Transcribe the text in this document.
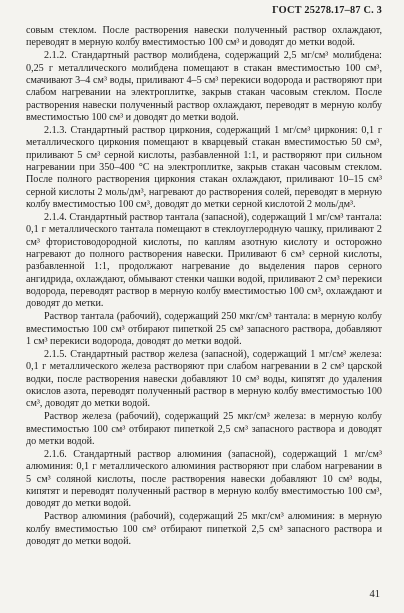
ГОСТ 25278.17–87 С. 3

совым стеклом. После растворения навески полученный раствор охлаждают, переводят в мерную колбу вместимостью 100 см³ и доводят до метки водой.

2.1.2. Стандартный раствор молибдена, содержащий 2,5 мг/см³ молибдена: 0,25 г металлического молибдена помещают в стакан вместимостью 100 см³, смачивают 3–4 см³ воды, приливают 4–5 см³ перекиси водорода и растворяют при слабом нагревании на электроплитке, закрыв стакан часовым стеклом. После растворения навески полученный раствор охлаждают, переводят в мерную колбу вместимостью 100 см³ и доводят до метки водой.

2.1.3. Стандартный раствор циркония, содержащий 1 мг/см³ циркония: 0,1 г металлического циркония помещают в кварцевый стакан вместимостью 50 см³, приливают 5 см³ серной кислоты, разбавленной 1:1, и растворяют при сильном нагревании при 350–400 °С на электроплитке, закрыв стакан часовым стеклом. После полного растворения циркония стакан охлаждают, приливают 10–15 см³ серной кислоты 2 моль/дм³, нагревают до растворения солей, переводят в мерную колбу вместимостью 100 см³, доводят до метки серной кислотой 2 моль/дм³.

2.1.4. Стандартный раствор тантала (запасной), содержащий 1 мг/см³ тантала: 0,1 г металлического тантала помещают в стеклоуглеродную чашку, приливают 2 см³ фтористоводородной кислоты, по каплям азотную кислоту и осторожно нагревают до полного растворения навески. Приливают 6 см³ серной кислоты, разбавленной 1:1, продолжают нагревание до выделения паров серного ангидрида, охлаждают, обмывают стенки чашки водой, приливают 2 см³ перекиси водорода, переводят раствор в мерную колбу вместимостью 100 см³, охлаждают и доводят до метки.

Раствор тантала (рабочий), содержащий 250 мкг/см³ тантала: в мерную колбу вместимостью 100 см³ отбирают пипеткой 25 см³ запасного раствора, добавляют 1 см³ перекиси водорода, доводят до метки водой.

2.1.5. Стандартный раствор железа (запасной), содержащий 1 мг/см³ железа: 0,1 г металлического железа растворяют при слабом нагревании в 2 см³ царской водки, после растворения навески добавляют 10 см³ воды, кипятят до удаления окислов азота, переводят полученный раствор в мерную колбу вместимостью 100 см³, доводят до метки водой.

Раствор железа (рабочий), содержащий 25 мкг/см³ железа: в мерную колбу вместимостью 100 см³ отбирают пипеткой 2,5 см³ запасного раствора и доводят до метки водой.

2.1.6. Стандартный раствор алюминия (запасной), содержащий 1 мг/см³ алюминия: 0,1 г металлического алюминия растворяют при слабом нагревании в 5 см³ соляной кислоты, после растворения навески добавляют 10 см³ воды, кипятят и переводят полученный раствор в мерную колбу вместимостью 100 см³, доводят до метки водой.

Раствор алюминия (рабочий), содержащий 25 мкг/см³ алюминия: в мерную колбу вместимостью 100 см³ отбирают пипеткой 2,5 см³ запасного раствора и доводят до метки водой.

41
